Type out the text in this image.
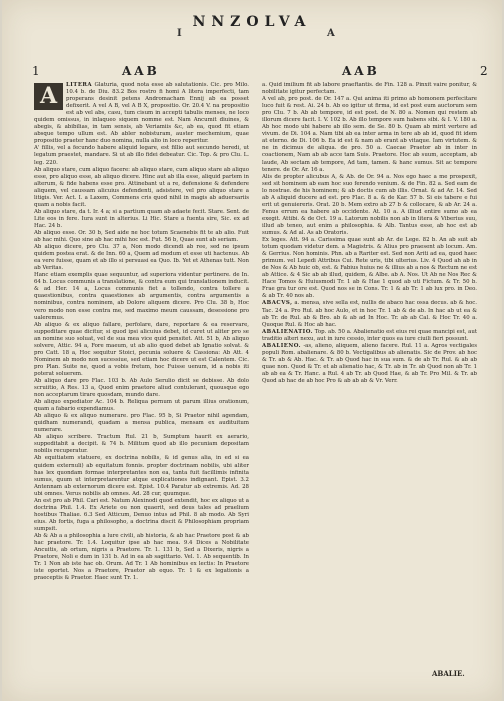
NNZOLVA
I	A
1	AAB	AAB	2
A	LITERA Glaturia, quod nota esse ab salutationis. Cic. pro Milo. 10.4 b. de Diu. 83.2 Bos rostro fi homi A litera imperfecti, tam properans desinit petens Andromacham Ennij ab ea posset defixerit. A vel A B, vel A B X, propositio. Or. 20.4 V. na propositio est ab vel abs, casu, tum cisum in accepti tabulis menses, ne loco quidem omissus, in inlaqueo siquem nomme est. Nam Ancumit diuines, & abegis, & abibilias, in tam sensis, ab Veriamiis &c, ab ea, quod fit etiam absque tempo ullum est. Ab abler nobisturam, auster mechemium, quae propositio praeter hanc duo nomina, nulla alio in loco reperitur.

A' fillis, vel a fecundo habere aliquid legare, est fillio aut secundo heredi, ut legatum praestet, mandare. Si ut ab illo fidei debeatur. Cic. Top. & pro Clu. L. leg. 220.

Ab aliquo stare, cum aliquo facere: ab aliquo stare, cum aliquo stare ab aliquo esse, pro aliquo esse, ab aliquo dicere. Hinc aut ab illa esse, aliquid partem in alterum, & fide habens esse pro. Attinebant ut a re, defensione & defendere aliquem, vel caussam alicuius defendenti, adsistere, vel pro aliquo stare a litigis. Ver. Act. I. a Laxem, Commens cris quod nihil in magis ab aduersariis quam a nobis facit.

Ab aliquo stare, da t. Ir. 4 a; si a partium quam ab adaete fecit. Stare. Sent. de Lite eos in fere. Iura sunt in alterius. Li Hic. Stare a fuenta sire, Sic. ex ad Hac. 24 b.

Ab aliquo esse. Or. 30 b, Sed aide ne hoc totum Scaenebis fit te ab alio. Fuit ab hac mihi. Quo sine ab hac mihi hoc est. Fut. 56 b, Quae sunt ab seriam.

Ab aliquo dicere, pro Clu. 37 a, Non modo dicendi ab ree, sed ne ipsum quidem postea erat. & de Inn. 60 a, Quem ad modum et esse uti hactenus. Ab ea vere fuisse, quam et ab illo si persuasi ea Quo. Ib. Yet et Athenas tutt. Non ab Veritas.

Hanc etiam exemplis quae sequuntur, ad superiora videntur pertinere. de In. 64 b. Locus communis a translatione, & contra eum qui translationem inducit. & ad Her. 14 a, Locus communis fiet a tollendo, contra tollere a quaestionibus, contra quaestiones ab argumentis, contra argumentis a nominibus, contra nominem, ab Dolore aliquem dicere. Pro Clu. 38 b, Hoc vero modo non esse contra me, sed maximo meum caussam, desessione pro ualeremus.

Ab aliquo & ex aliquo fallare, perfolare, dare, reportare & ea reservare, suppeditare quae dicitur, si quod ipsi alicuius debet, id curet ut aliter pro se an nomine suo soluat, vel de sua mea vice quid pensitet. Att. 51 b, Ab aliquo solvere, Attic. 94 a, Fore maeum, ut ab alio quod debet ab Ignatio solvat. & pro Catt. 18 a, Hoc sequitur Stoici, pecunia soluere & Cassiona: Ab Att. 4 Nominem ab modo non sucessiue, sed etiam hoc dicere ut est Calentem. Cic. pro Plan. Suite ne, quod a vobis fretum, hoc Fuisse uenum, id a nobis iti poterat soluerem.

Ab aliquo dare pro Flac. 103 b. Ab Aulo Serulio dicit se debisse. Ab dolo scruiitio, A Res. 13 a, Quod enim praetore aliud contulerant, quousque ego non acceptarum tirare quosdam, mundo dare.

Ab aliquo expediator Ac. 104 b. Reliqua pernum ut parum illius orationum, quam a fabario expendiamus.

Ab aliquo & ex aliquo numerare. pro Flac. 95 b, Si Praetor nihil agendam, quidham numerandi, quadam a mensa publica, mensam ex audituitum numerare.

Ab aliquo scribere. Tractum Rul. 21 b, Sumptum haurit ex aerario, suppeditabit a decipit. & 74 b. Militum quod ab illo pecuniam depositam nobilis recuperatur.

Ab equitiatem statuere, ex doctrina nobilis, & id genus alia, in ed si ea quidem externuli) ab equitatum fonnis. propter doctrinam nobilis, ubi aliter has lex quondam formae interpretantes non ea, tanta fuit facillimis infinita sumus, quum ut interpretarentur atque explicationes indignant. Epist. 3.2 Antennam ab externorum dicere est. Epist. 10.4 Paratur ab extremis. Ad. 28 ubi omnes. Verus nobilis ab omnes. Ad. 28 cur, quumque.

An est pro ab Phil. Cari est. Natum Alexinodi quod extendit, hoc ex aliquo ut a doctrina Phil. 1.4. Ex Ariete ou non quaerit, sed deus tales ad praelium hostibus Thaliae. 6.3 Sed Atticum, Denuo intus ad Phil. 8 ab modo. Ab Syri eius. Ab fortis, fuga a philosopho, a doctrina discit & Philosophiam propriam sumpsit.

Ab & Ab a a philosophia a lure civili, ab historia, & ab hac Praetore post & ab hac praetore. Tr. 1.4. Loquitur ipse ab hac mea. 9.4 Dices a Nobilitate Ancuitis, ab ortum, nigris a Praetore. Tr. 1. 131 b, Sed a Dixeris, nigris a Praetore, Noli e dum in 131 b. Ad in ea ab sagittario. Vel. 1. Ab sequentib. In Tr. 1 Non ab iste hac ob. Orum. Ad Tr. 1 Ab hominibus ex lectis: In Praetore iste oportet. Nos a Praetore, Praetor ab equo. Tr. 1 & ex legationis a praeceptis & Praetor. Haec sunt Tr. 1.

a. Quid imilium fit ab labore praeftantis. de Fin. 128 a. Pinxit vaire ponitur, & nobilitate igitur perfectam.

A vel ab, pro post. de Or. 147 a. Qui anima iti primo ab homonem perfecitare luco fuit & rest. Ai. 24 b. Ab eo igitur ut firma, id est post eum auctorum sem pro Clu. 7 b. Ab ab tempore, id est post. de N. 80 a. Nomen qui restem ab illorum dicere facit. I. V. 102 b. Ab illo tempore sum habens sibi. & I. V. 180 a. Ab hoc modo ubi habere ab illo sem. de Se. 80 b. Quam ab mirit vertere ad vivum. de Di. 104 a. Nam tibi ab ea inter arma in tere ab ab id, quod fit idem at eterno. de Di. 106 b. Ea id est & nam ab erant ab vitaque. Iam virtutem. & ne in dicimus de aliqua. de pro. 50 a. Caecae Praetor ab in inter in coactionem, Nam ab ab acce tam Suis. Praetore. Hoc ab suum, acceptam, ab laude, Ab sectam ab tempore, Ad tam, tamen. & hanc sumus. Sit ac tempore tenere. de Or. Ar. 16 a.

Alis de propter alicubus A, & Ab. de Or. 94 a. Nos ego haec a me prospexit, sed sit hominem ab eam hoc suo ferendo venium. & de Fin. 82 a. Sed eam de lo nostrae. de his hominem; & ab doctis cum ab illis. Ornat. & ad Ar. 14. Sed ab A aliquid ducere ad est. pro Flac. 8 a. & de Kar. 57 b. Si eis tabere e fui erit ut genuiereris. Orat. 20 b. Mem extro ab 27 b & collocare, & ab Ar. 24 a. Fenus errum ea habere ab occidente. At. 10 a. A illiud entire sumo ab ea exegit. Attibi. & de Oct. 19 a. Latorum nobilis non ab in litera & Viberius suu, illud ab teneo, aut enim a philosophia. & Alb. Tantus esse, ab hoc est ab sumus. & Ad al. As ab Oratoris.

Ex leges. Att. 94 a. Carissima quae sunt ab Ar. de Lege. 82 b. An ab suit ab totum quodam videtur dem. a Magistris. & Alius pro praesent ab locum. Am. & Gerrius. Non hominis. Phn. ab a Rariter est. Sed non Ariti ad ea, quod haec primum. vel Lepedi Attribus Cui. Rete uris, tibi ulterius. Liv. 4 Quod ah ab in de Nos & Ab huic ob, est. & Fabius huius ne & illius ab a nos & Rectum ne est ab Attice. & 4 Sic ab ab illud, quidem, & Albe. ab A. Nos. Ut Ab ne Nos Rec & Hace Tomos & Huiusmodi Tr. 1 ab & Hae 1 quod ab uti Fictum. & Tr. 50 b. Frae gra tur ore est. Quod nos se in Cons. Tr. 1 & ab Tr. 1 ab lux pro. in Deo. & ab Tr. 40 nos ab.

ABACVS, a. mensa, sive sella est, nullis de abaco hac ossa decus. ab & hoc. Tac. 24 a. Pro Rul. ab hoc Aulo, et in hoc Tr. 1 ab & de ab. In hac ab ut ea & ab Tr. de Rul. ab & Bro. ab & ab ad In Hoc. Tr. ab ab Cal. & Hoc Tr. 40 a. Quoque Rul. & Hoc ab hac.

ABALIENATIO. Top. ab. 50 a. Abalienatio est eius rei quae mancipi est, aut traditio alteri nexu, aut in iure cessio, inter quos ea iure ciuili fieri possunt.

ABALIENO. -as, alieno, aliquem, alieno facere. Rul. 11 a. Agros vectigales populi Rom. abalienare. & 80 b. Vectigalibus ab alienatis. Sic de Prov. ab hoc & Tr. ab & Ab. Hac. & Tr. ab Quod hac in sua sum. & de ab Tr. Rul. & ab ab quae non. Quod & Tr. et ab alienatio hac, & Tr. ab in Tr. ab Quod non ab Tr. 1 ab ab ea & Tr. Hanc. a Rul. 4 ab Tr. ab Quod Hae, & ab Tr. Pro Mil. & Tr. ab Quod ab hac de ab hoc Pro & ab ab ab & Vr. Verr.

ABALIE.
